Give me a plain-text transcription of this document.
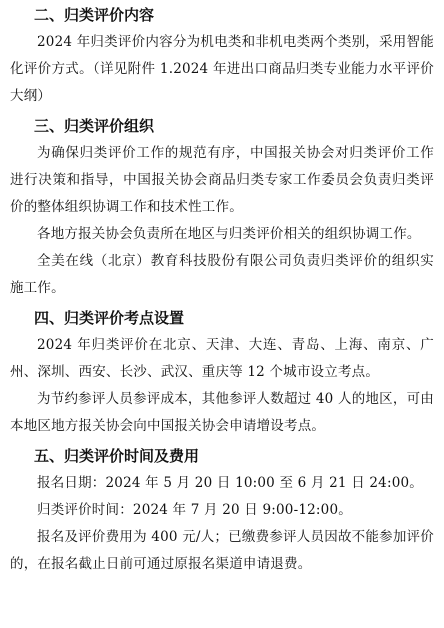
二、归类评价内容

2024 年归类评价内容分为机电类和非机电类两个类别，采用智能化评价方式。（详见附件 1.2024 年进出口商品归类专业能力水平评价大纲）

三、归类评价组织

为确保归类评价工作的规范有序，中国报关协会对归类评价工作进行决策和指导，中国报关协会商品归类专家工作委员会负责归类评价的整体组织协调工作和技术性工作。

各地方报关协会负责所在地区与归类评价相关的组织协调工作。

全美在线（北京）教育科技股份有限公司负责归类评价的组织实施工作。

四、归类评价考点设置

2024 年归类评价在北京、天津、大连、青岛、上海、南京、广州、深圳、西安、长沙、武汉、重庆等 12 个城市设立考点。

为节约参评人员参评成本，其他参评人数超过 40 人的地区，可由本地区地方报关协会向中国报关协会申请增设考点。

五、归类评价时间及费用

报名日期：2024 年 5 月 20 日 10:00 至 6 月 21 日 24:00。

归类评价时间：2024 年 7 月 20 日 9:00-12:00。

报名及评价费用为 400 元/人；已缴费参评人员因故不能参加评价的，在报名截止日前可通过原报名渠道申请退费。
